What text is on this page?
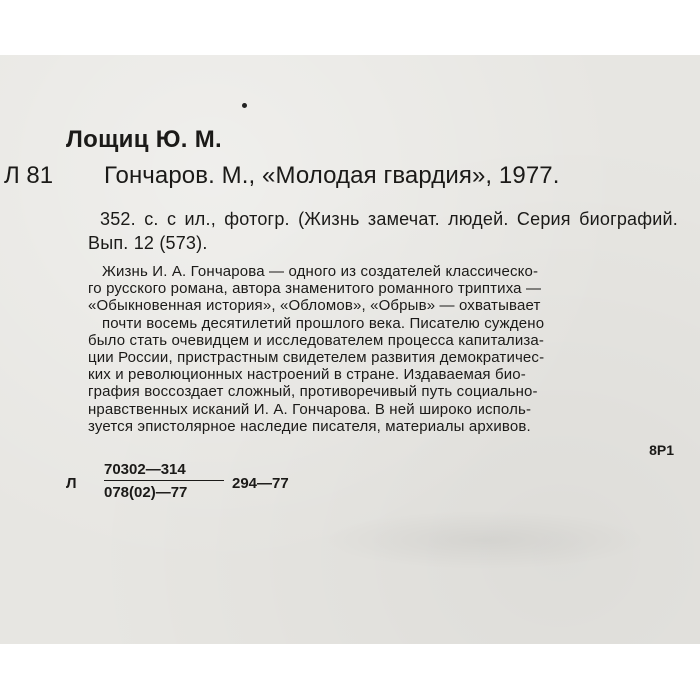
Лощиц Ю. М.
Л 81 Гончаров. М., «Молодая гвардия», 1977.
352. с. с ил., фотогр. (Жизнь замечат. людей. Серия биографий. Вып. 12 (573).
Жизнь И. А. Гончарова — одного из создателей классическо-
го русского романа, автора знаменитого романного триптиха —
«Обыкновенная история», «Обломов», «Обрыв» — охватывает
почти восемь десятилетий прошлого века. Писателю суждено
было стать очевидцем и исследователем процесса капитализа-
ции России, пристрастным свидетелем развития демократичес-
ких и революционных настроений в стране. Издаваемая био-
графия воссоздает сложный, противоречивый путь социально-
нравственных исканий И. А. Гончарова. В ней широко исполь-
зуется эпистолярное наследие писателя, материалы архивов.
8Р1
Л $\frac{70302—314}{078(02)—77}$ 294—77
